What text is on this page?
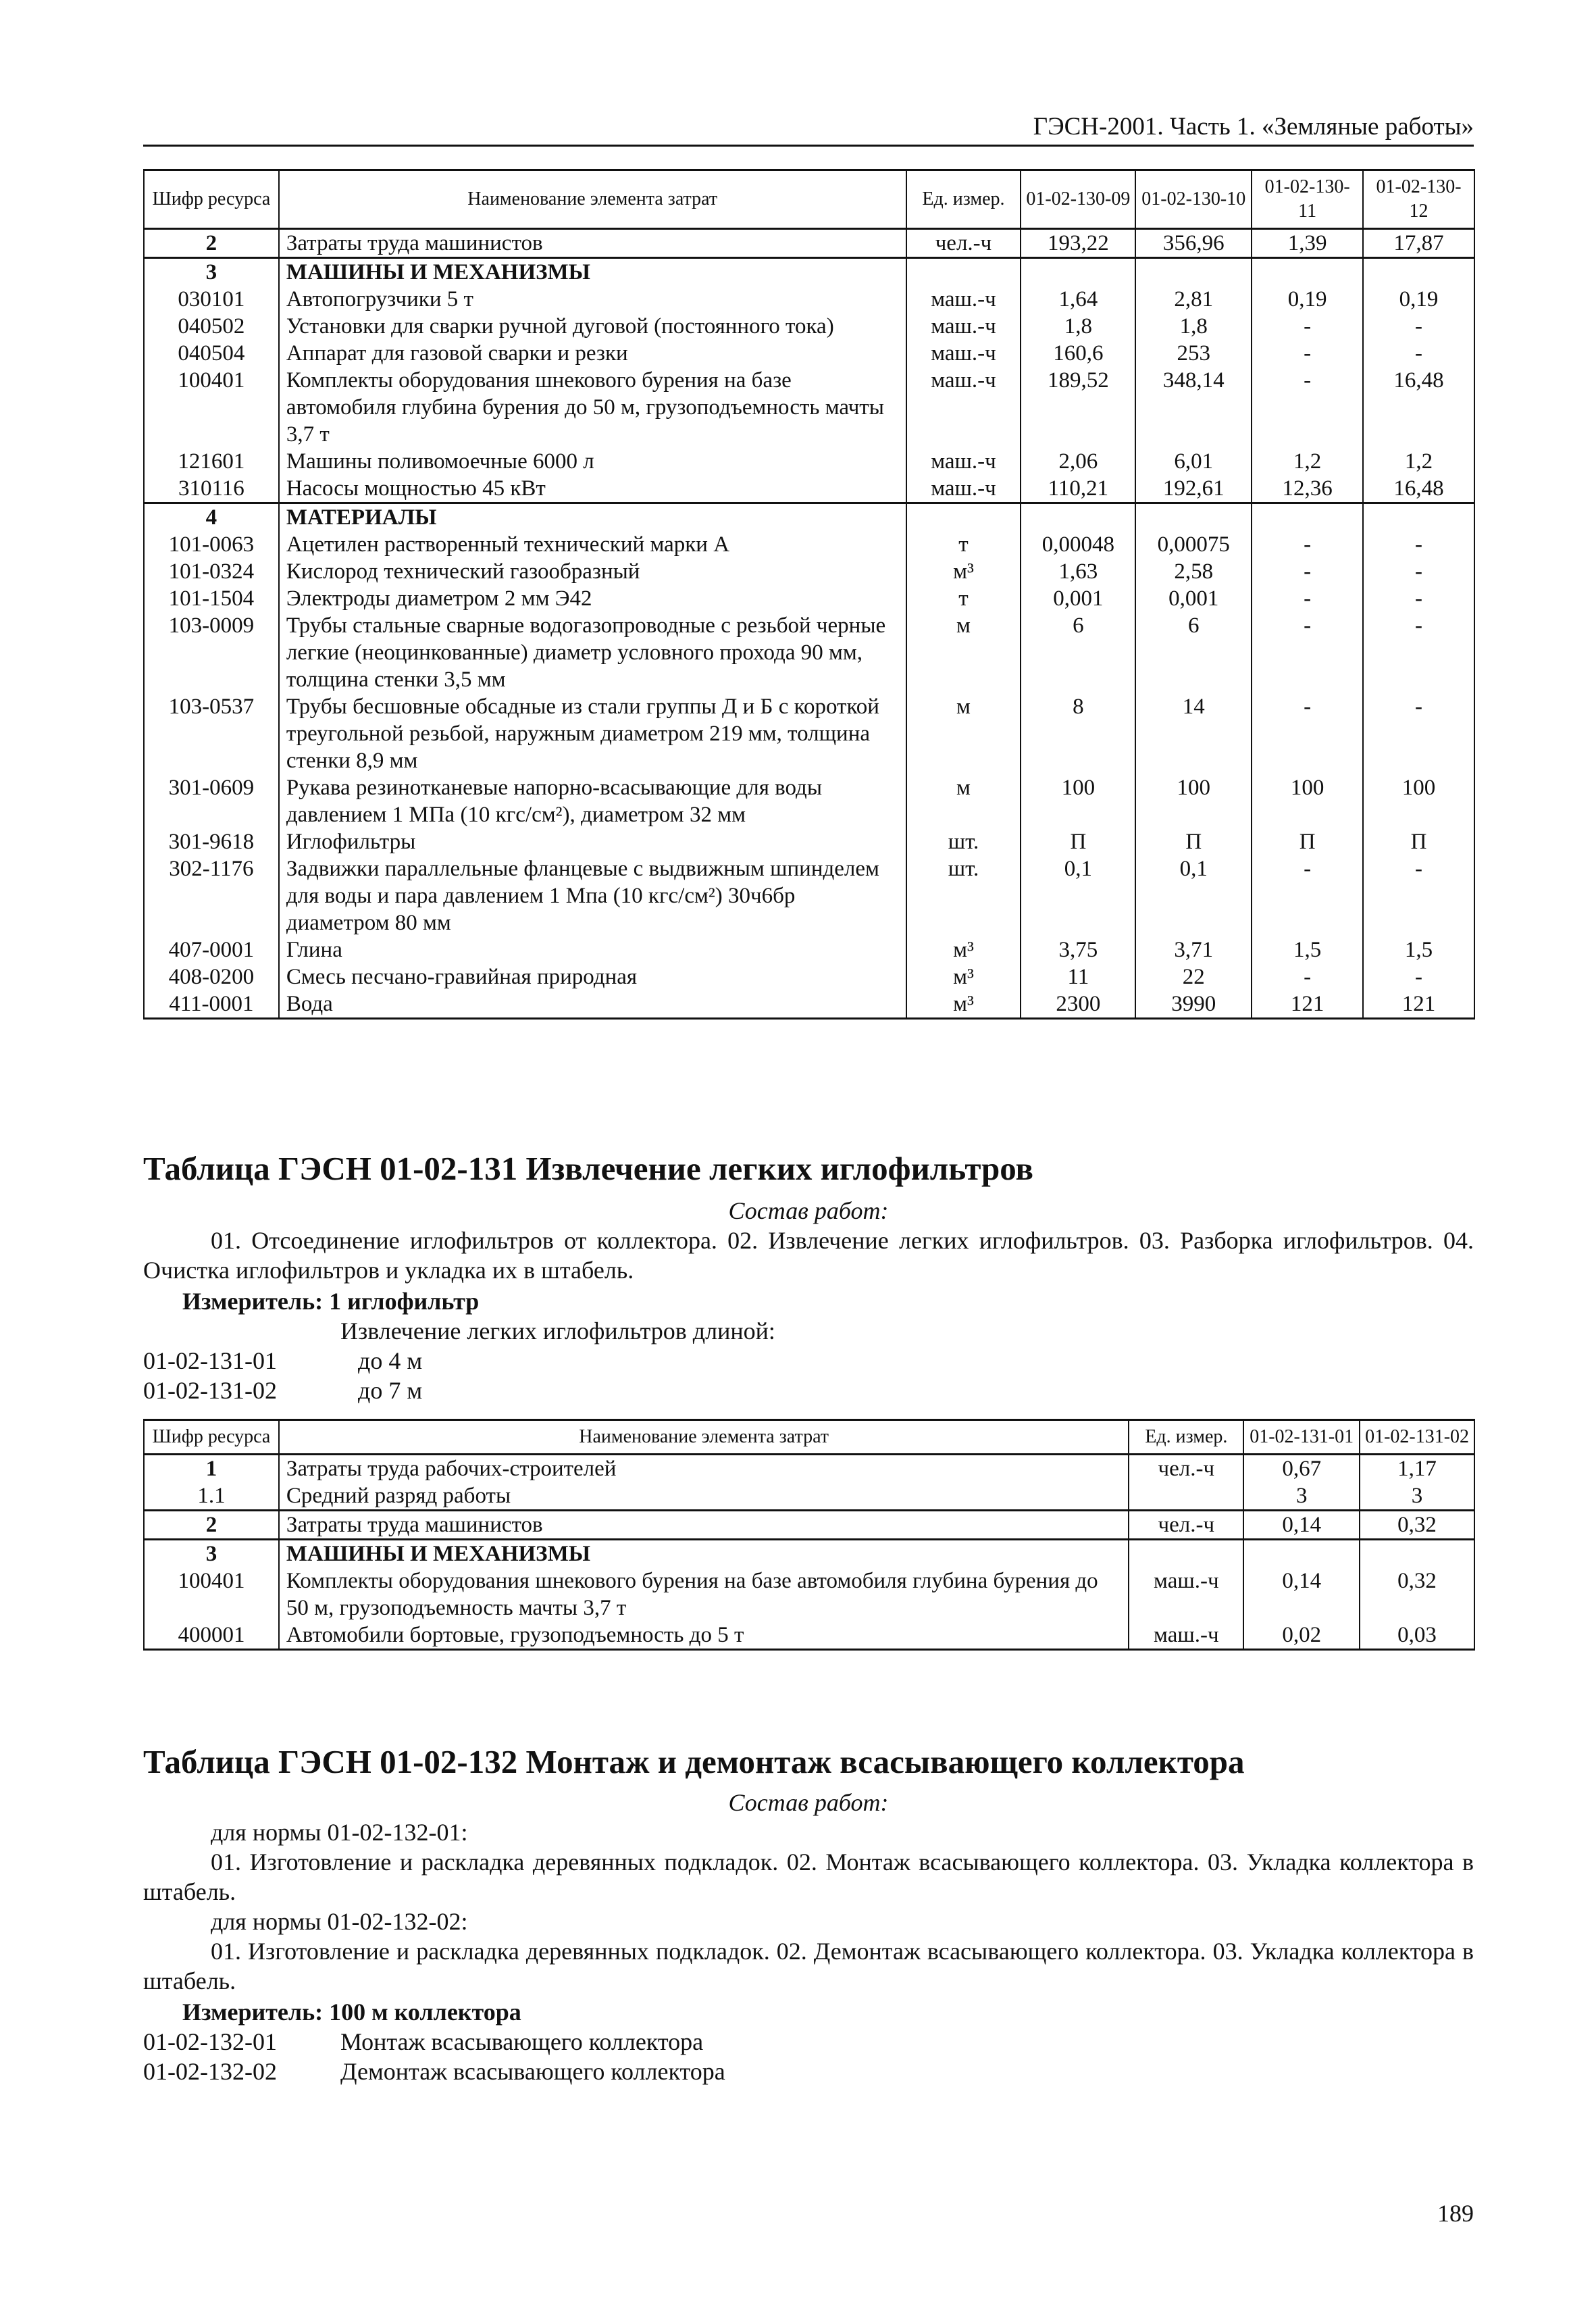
ГЭСН-2001. Часть 1. «Земляные работы»
Шифр ресурса	Наименование элемента затрат	Ед. измер.	01-02-130-09	01-02-130-10	01-02-130-11	01-02-130-12
2	Затраты труда машинистов	чел.-ч	193,22	356,96	1,39	17,87
3	МАШИНЫ И МЕХАНИЗМЫ					
030101	Автопогрузчики 5 т	маш.-ч	1,64	2,81	0,19	0,19
040502	Установки для сварки ручной дуговой (постоянного тока)	маш.-ч	1,8	1,8	-	-
040504	Аппарат для газовой сварки и резки	маш.-ч	160,6	253	-	-
100401	Комплекты оборудования шнекового бурения на базе автомобиля глубина бурения до 50 м, грузоподъемность мачты 3,7 т	маш.-ч	189,52	348,14	-	16,48
121601	Машины поливомоечные 6000 л	маш.-ч	2,06	6,01	1,2	1,2
310116	Насосы мощностью 45 кВт	маш.-ч	110,21	192,61	12,36	16,48
4	МАТЕРИАЛЫ					
101-0063	Ацетилен растворенный технический марки А	т	0,00048	0,00075	-	-
101-0324	Кислород технический газообразный	м³	1,63	2,58	-	-
101-1504	Электроды диаметром 2 мм Э42	т	0,001	0,001	-	-
103-0009	Трубы стальные сварные водогазопроводные с резьбой черные легкие (неоцинкованные) диаметр условного прохода 90 мм, толщина стенки 3,5 мм	м	6	6	-	-
103-0537	Трубы бесшовные обсадные из стали группы Д и Б с короткой треугольной резьбой, наружным диаметром 219 мм, толщина стенки 8,9 мм	м	8	14	-	-
301-0609	Рукава резинотканевые напорно-всасывающие для воды давлением 1 МПа (10 кгс/см²), диаметром 32 мм	м	100	100	100	100
301-9618	Иглофильтры	шт.	П	П	П	П
302-1176	Задвижки параллельные фланцевые с выдвижным шпинделем для воды и пара давлением 1 Мпа (10 кгс/см²) 30ч6бр диаметром 80 мм	шт.	0,1	0,1	-	-
407-0001	Глина	м³	3,75	3,71	1,5	1,5
408-0200	Смесь песчано-гравийная природная	м³	11	22	-	-
411-0001	Вода	м³	2300	3990	121	121
Таблица ГЭСН 01-02-131 Извлечение легких иглофильтров
Состав работ:
01. Отсоединение иглофильтров от коллектора. 02. Извлечение легких иглофильтров. 03. Разборка иглофильтров. 04. Очистка иглофильтров и укладка их в штабель.
Измеритель: 1 иглофильтр
Извлечение легких иглофильтров длиной:
01-02-131-01	до 4 м
01-02-131-02	до 7 м
Шифр ресурса	Наименование элемента затрат	Ед. измер.	01-02-131-01	01-02-131-02
1	Затраты труда рабочих-строителей	чел.-ч	0,67	1,17
1.1	Средний разряд работы		3	3
2	Затраты труда машинистов	чел.-ч	0,14	0,32
3	МАШИНЫ И МЕХАНИЗМЫ			
100401	Комплекты оборудования шнекового бурения на базе автомобиля глубина бурения до 50 м, грузоподъемность мачты 3,7 т	маш.-ч	0,14	0,32
400001	Автомобили бортовые, грузоподъемность до 5 т	маш.-ч	0,02	0,03
Таблица ГЭСН 01-02-132 Монтаж и демонтаж всасывающего коллектора
Состав работ:
для нормы 01-02-132-01:
01. Изготовление и раскладка деревянных подкладок. 02. Монтаж всасывающего коллектора. 03. Укладка коллектора в штабель.
для нормы 01-02-132-02:
01. Изготовление и раскладка деревянных подкладок. 02. Демонтаж всасывающего коллектора. 03. Укладка коллектора в штабель.
Измеритель: 100 м коллектора
01-02-132-01	Монтаж всасывающего коллектора
01-02-132-02	Демонтаж всасывающего коллектора
189
